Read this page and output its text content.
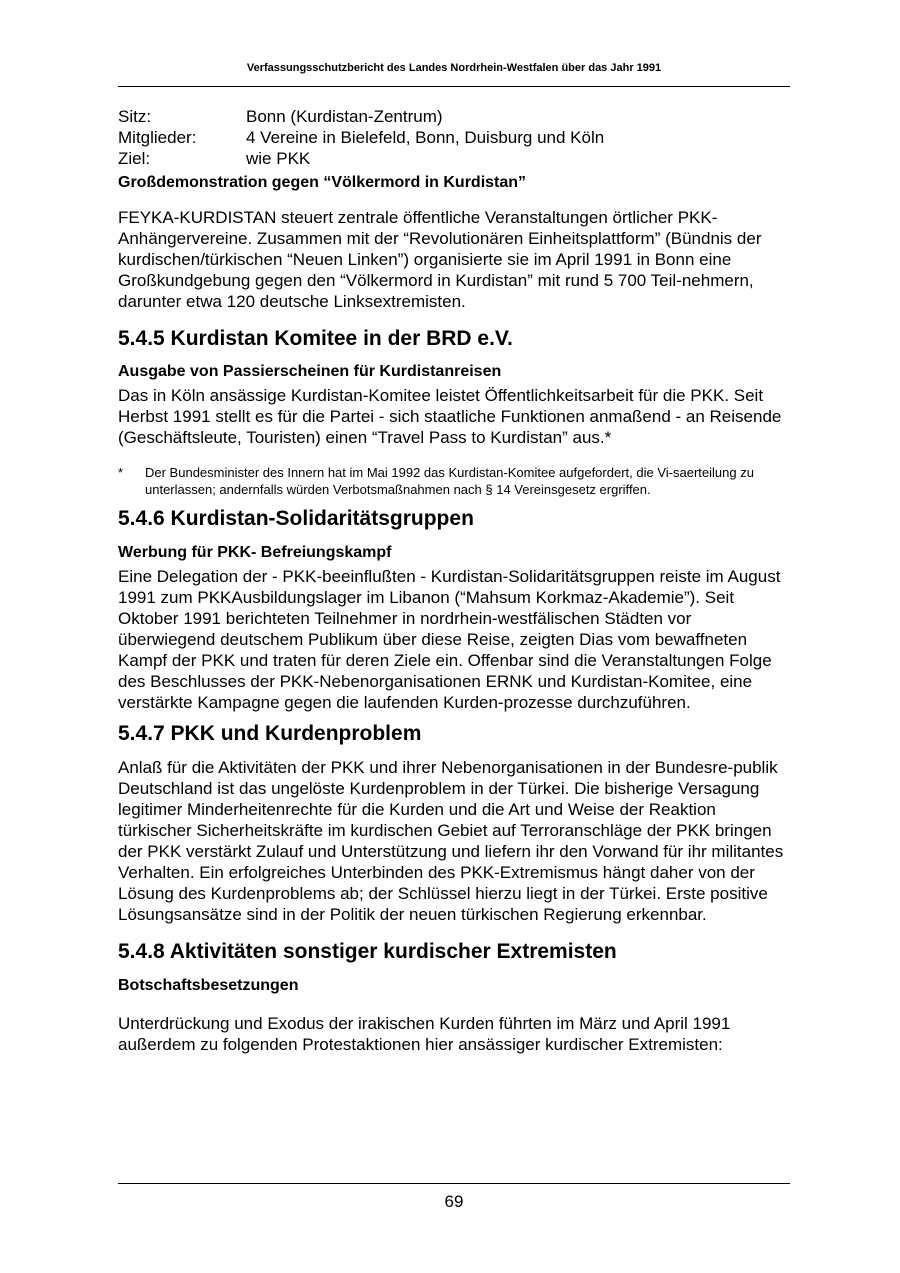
Verfassungsschutzbericht des Landes Nordrhein-Westfalen über das Jahr 1991
Sitz:	Bonn (Kurdistan-Zentrum)
Mitglieder:	4 Vereine in Bielefeld, Bonn, Duisburg und Köln
Ziel:	wie PKK
Großdemonstration gegen “Völkermord in Kurdistan”

FEYKA-KURDISTAN steuert zentrale öffentliche Veranstaltungen örtlicher PKK-Anhängervereine. Zusammen mit der “Revolutionären Einheitsplattform” (Bündnis der kurdischen/türkischen “Neuen Linken”) organisierte sie im April 1991 in Bonn eine Großkundgebung gegen den “Völkermord in Kurdistan” mit rund 5 700 Teil-nehmern, darunter etwa 120 deutsche Linksextremisten.

5.4.5 Kurdistan Komitee in der BRD e.V.
Ausgabe von Passierscheinen für Kurdistanreisen

Das in Köln ansässige Kurdistan-Komitee leistet Öffentlichkeitsarbeit für die PKK. Seit Herbst 1991 stellt es für die Partei - sich staatliche Funktionen anmaßend - an Reisende (Geschäftsleute, Touristen) einen “Travel Pass to Kurdistan” aus.*

*	Der Bundesminister des Innern hat im Mai 1992 das Kurdistan-Komitee aufgefordert, die Vi-saerteilung zu unterlassen; andernfalls würden Verbotsmaßnahmen nach § 14 Vereinsgesetz ergriffen.
5.4.6 Kurdistan-Solidaritätsgruppen
Werbung für PKK- Befreiungskampf

Eine Delegation der - PKK-beeinflußten - Kurdistan-Solidaritätsgruppen reiste im August 1991 zum PKKAusbildungslager im Libanon (“Mahsum Korkmaz-Akademie”). Seit Oktober 1991 berichteten Teilnehmer in nordrhein-westfälischen Städten vor überwiegend deutschem Publikum über diese Reise, zeigten Dias vom bewaffneten Kampf der PKK und traten für deren Ziele ein. Offenbar sind die Veranstaltungen Folge des Beschlusses der PKK-Nebenorganisationen ERNK und Kurdistan-Komitee, eine verstärkte Kampagne gegen die laufenden Kurden-prozesse durchzuführen.

5.4.7 PKK und Kurdenproblem

Anlaß für die Aktivitäten der PKK und ihrer Nebenorganisationen in der Bundesre-publik Deutschland ist das ungelöste Kurdenproblem in der Türkei. Die bisherige Versagung legitimer Minderheitenrechte für die Kurden und die Art und Weise der Reaktion türkischer Sicherheitskräfte im kurdischen Gebiet auf Terroranschläge der PKK bringen der PKK verstärkt Zulauf und Unterstützung und liefern ihr den Vorwand für ihr militantes Verhalten. Ein erfolgreiches Unterbinden des PKK-Extremismus hängt daher von der Lösung des Kurdenproblems ab; der Schlüssel hierzu liegt in der Türkei. Erste positive Lösungsansätze sind in der Politik der neuen türkischen Regierung erkennbar.

5.4.8 Aktivitäten sonstiger kurdischer Extremisten
Botschaftsbesetzungen

Unterdrückung und Exodus der irakischen Kurden führten im März und April 1991 außerdem zu folgenden Protestaktionen hier ansässiger kurdischer Extremisten:

69
